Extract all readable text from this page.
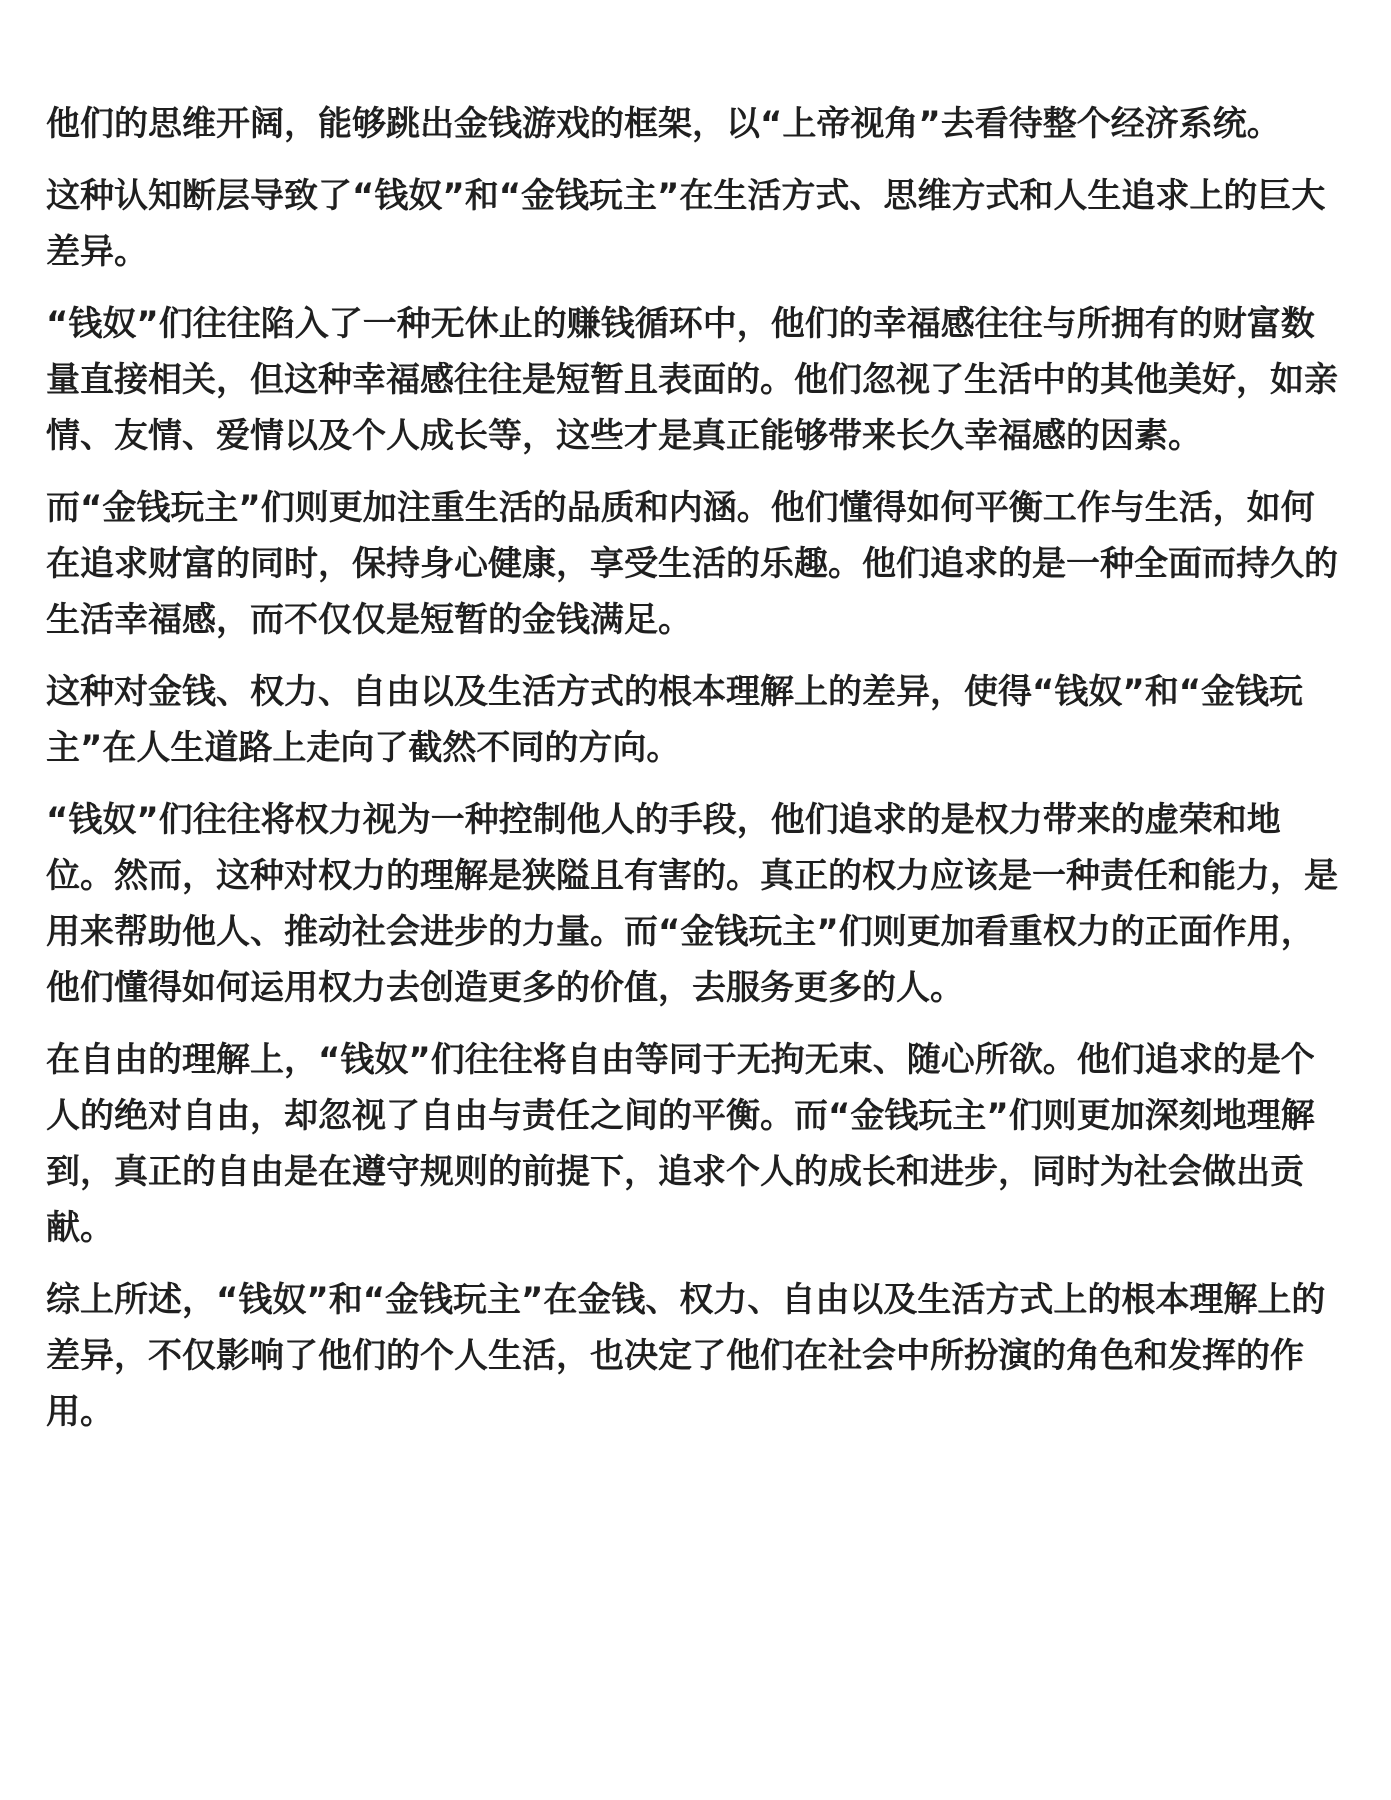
他们的思维开阔，能够跳出金钱游戏的框架，以“上帝视角”去看待整个经济系统。

这种认知断层导致了“钱奴”和“金钱玩主”在生活方式、思维方式和人生追求上的巨大差异。

“钱奴”们往往陷入了一种无休止的赚钱循环中，他们的幸福感往往与所拥有的财富数量直接相关，但这种幸福感往往是短暂且表面的。他们忽视了生活中的其他美好，如亲情、友情、爱情以及个人成长等，这些才是真正能够带来长久幸福感的因素。

而“金钱玩主”们则更加注重生活的品质和内涵。他们懂得如何平衡工作与生活，如何在追求财富的同时，保持身心健康，享受生活的乐趣。他们追求的是一种全面而持久的生活幸福感，而不仅仅是短暂的金钱满足。

这种对金钱、权力、自由以及生活方式的根本理解上的差异，使得“钱奴”和“金钱玩主”在人生道路上走向了截然不同的方向。

“钱奴”们往往将权力视为一种控制他人的手段，他们追求的是权力带来的虚荣和地位。然而，这种对权力的理解是狭隘且有害的。真正的权力应该是一种责任和能力，是用来帮助他人、推动社会进步的力量。而“金钱玩主”们则更加看重权力的正面作用，他们懂得如何运用权力去创造更多的价值，去服务更多的人。

在自由的理解上，“钱奴”们往往将自由等同于无拘无束、随心所欲。他们追求的是个人的绝对自由，却忽视了自由与责任之间的平衡。而“金钱玩主”们则更加深刻地理解到，真正的自由是在遵守规则的前提下，追求个人的成长和进步，同时为社会做出贡献。

综上所述，“钱奴”和“金钱玩主”在金钱、权力、自由以及生活方式上的根本理解上的差异，不仅影响了他们的个人生活，也决定了他们在社会中所扮演的角色和发挥的作用。
